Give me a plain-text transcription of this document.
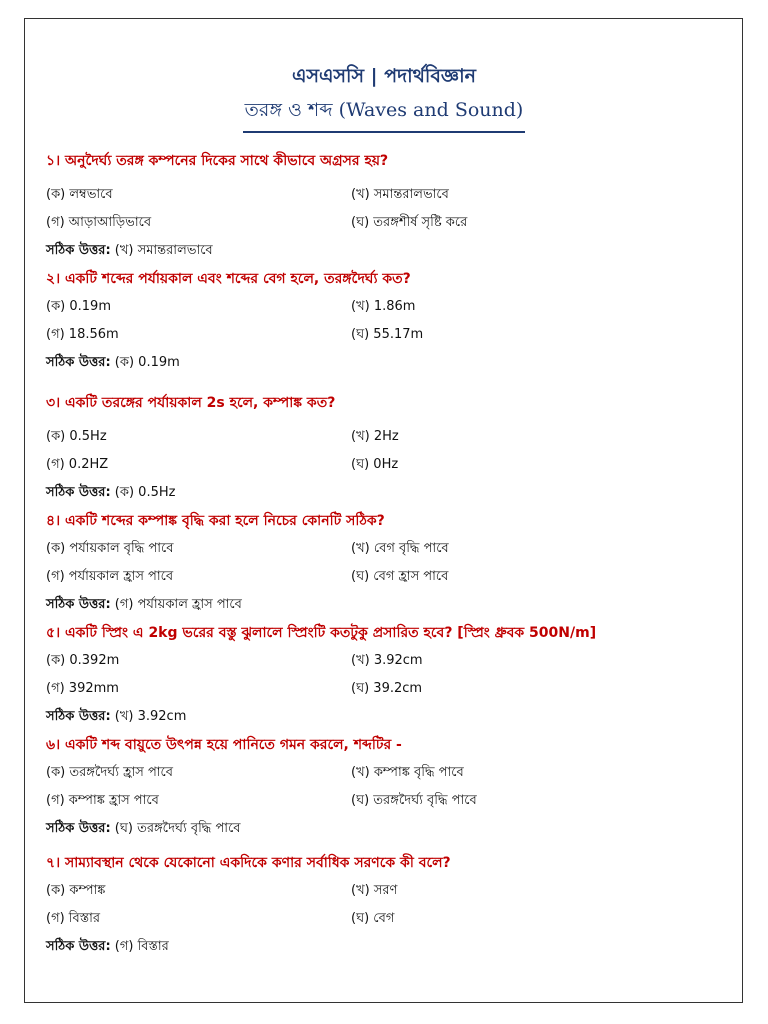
এসএসসি | পদার্থবিজ্ঞান
তরঙ্গ ও শব্দ (Waves and Sound)
১। অনুদৈর্ঘ্য তরঙ্গ কম্পনের দিকের সাথে কীভাবে অগ্রসর হয়?
(ক) লম্বভাবে	(খ) সমান্তরালভাবে
(গ) আড়াআড়িভাবে	(ঘ) তরঙ্গশীর্ষ সৃষ্টি করে
সঠিক উত্তর: (খ) সমান্তরালভাবে
২। একটি শব্দের পর্যায়কাল এবং শব্দের বেগ হলে, তরঙ্গদৈর্ঘ্য কত?
(ক) 0.19m	(খ) 1.86m
(গ) 18.56m	(ঘ) 55.17m
সঠিক উত্তর: (ক) 0.19m
৩। একটি তরঙ্গের পর্যায়কাল 2s হলে, কম্পাঙ্ক কত?
(ক) 0.5Hz	(খ) 2Hz
(গ) 0.2HZ	(ঘ) 0Hz
সঠিক উত্তর: (ক) 0.5Hz
৪। একটি শব্দের কম্পাঙ্ক বৃদ্ধি করা হলে নিচের কোনটি সঠিক?
(ক) পর্যায়কাল বৃদ্ধি পাবে	(খ) বেগ বৃদ্ধি পাবে
(গ) পর্যায়কাল হ্রাস পাবে	(ঘ) বেগ হ্রাস পাবে
সঠিক উত্তর: (গ) পর্যায়কাল হ্রাস পাবে
৫। একটি স্প্রিং এ 2kg ভরের বস্তু ঝুলালে স্প্রিংটি কতটুকু প্রসারিত হবে? [স্প্রিং ধ্রুবক 500N/m]
(ক) 0.392m	(খ) 3.92cm
(গ) 392mm	(ঘ) 39.2cm
সঠিক উত্তর: (খ) 3.92cm
৬। একটি শব্দ বায়ুতে উৎপন্ন হয়ে পানিতে গমন করলে, শব্দটির -
(ক) তরঙ্গদৈর্ঘ্য হ্রাস পাবে	(খ) কম্পাঙ্ক বৃদ্ধি পাবে
(গ) কম্পাঙ্ক হ্রাস পাবে	(ঘ) তরঙ্গদৈর্ঘ্য বৃদ্ধি পাবে
সঠিক উত্তর: (ঘ) তরঙ্গদৈর্ঘ্য বৃদ্ধি পাবে
৭। সাম্যাবস্থান থেকে যেকোনো একদিকে কণার সর্বাধিক সরণকে কী বলে?
(ক) কম্পাঙ্ক	(খ) সরণ
(গ) বিস্তার	(ঘ) বেগ
সঠিক উত্তর: (গ) বিস্তার
